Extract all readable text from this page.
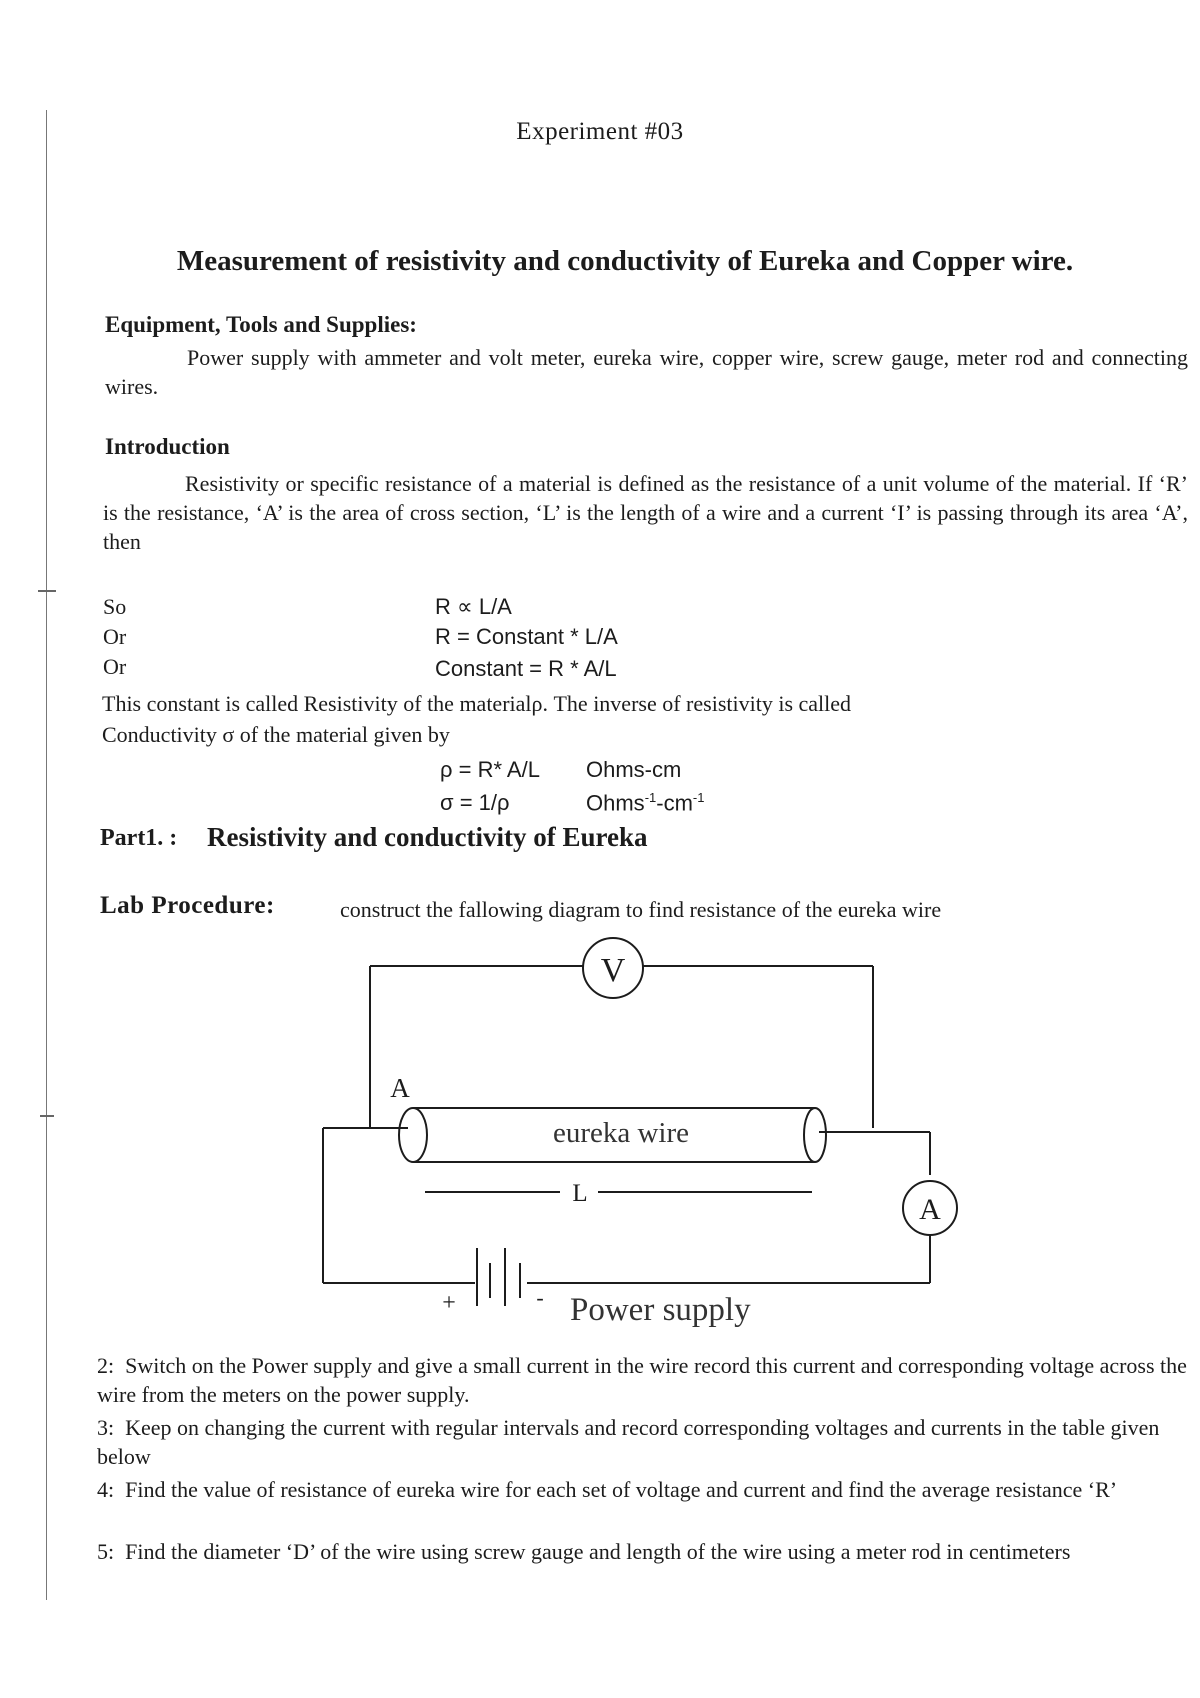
Experiment #03
Measurement of resistivity and conductivity of Eureka and Copper wire.
Equipment, Tools and Supplies:
Power supply with ammeter and volt meter, eureka wire, copper wire, screw gauge, meter rod and connecting wires.
Introduction
Resistivity or specific resistance of a material is defined as the resistance of a unit volume of the material. If ‘R’ is the resistance, ‘A’ is the area of cross section, ‘L’ is the length of a wire and a current ‘I’ is passing through its area ‘A’, then
So	R ∝ L/A
Or	R = Constant * L/A
Or	Constant = R * A/L
This constant is called Resistivity of the materialρ. The inverse of resistivity is called
Conductivity σ of the material given by
ρ = R* A/L Ohms-cm
σ = 1/ρ	$Ohms^{-1}-cm^{-1}$
Part1. : Resistivity and conductivity of Eureka
Lab Procedure:	construct the fallowing diagram to find resistance of the eureka wire
V
A
A
eureka wire
L
+	- Power supply
2: Switch on the Power supply and give a small current in the wire record this current and corresponding voltage across the wire from the meters on the power supply.
3: Keep on changing the current with regular intervals and record corresponding voltages and currents in the table given below
4: Find the value of resistance of eureka wire for each set of voltage and current and find the average resistance ‘R’
5: Find the diameter ‘D’ of the wire using screw gauge and length of the wire using a meter rod in centimeters
